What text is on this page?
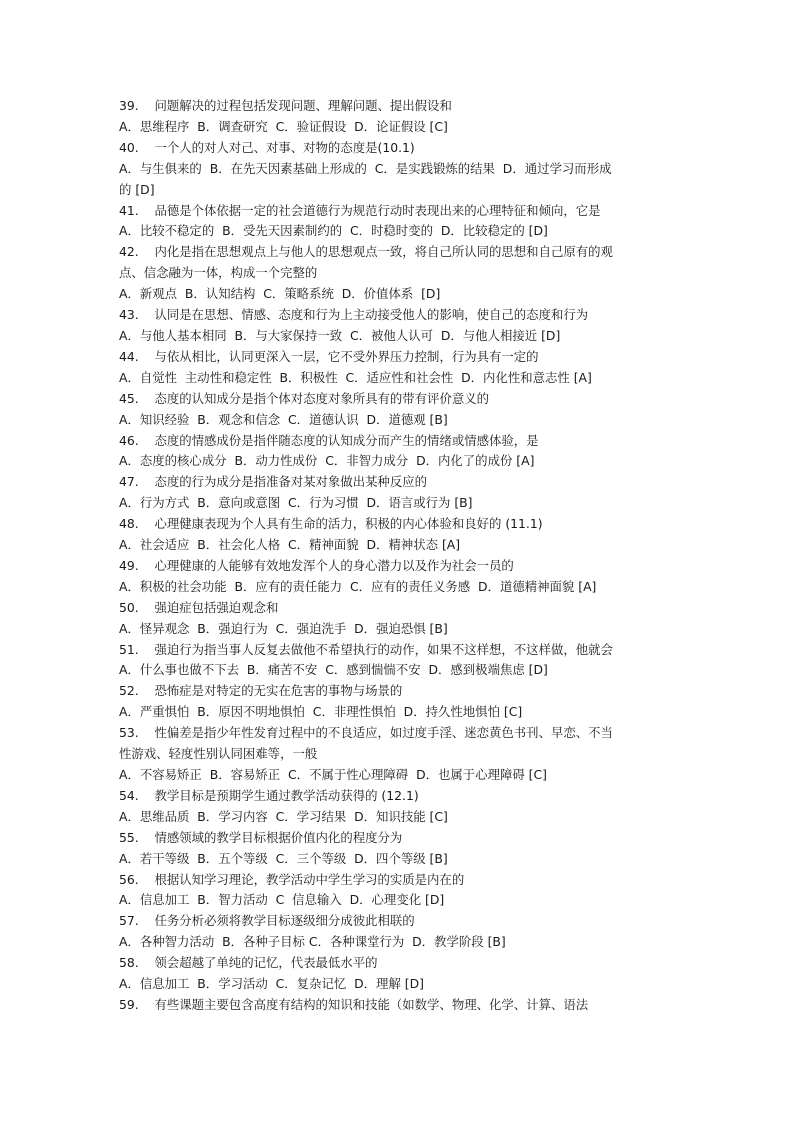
39.    问题解决的过程包括发现问题、理解问题、提出假设和
A．思维程序  B．调查研究  C．验证假设  D．论证假设 [C]
40.    一个人的对人对己、对事、对物的态度是(10.1)
A．与生俱来的  B．在先天因素基础上形成的  C．是实践锻炼的结果  D．通过学习而形成
的 [D]
41.    品德是个体依据一定的社会道德行为规范行动时表现出来的心理特征和倾向，它是
A．比较不稳定的  B．受先天因素制约的  C．时稳时变的  D．比较稳定的 [D]
42.    内化是指在思想观点上与他人的思想观点一致，将自己所认同的思想和自己原有的观
点、信念融为一体，构成一个完整的
A．新观点  B．认知结构  C．策略系统  D．价值体系  [D]
43.    认同是在思想、情感、态度和行为上主动接受他人的影响，使自己的态度和行为
A．与他人基本相同  B．与大家保持一致  C．被他人认可  D．与他人相接近 [D]
44.    与依从相比，认同更深入一层，它不受外界压力控制，行为具有一定的
A．自觉性  主动性和稳定性  B．积极性  C．适应性和社会性  D．内化性和意志性 [A]
45.    态度的认知成分是指个体对态度对象所具有的带有评价意义的
A．知识经验  B．观念和信念  C．道德认识  D．道德观 [B]
46.    态度的情感成份是指伴随态度的认知成分而产生的情绪或情感体验，是
A．态度的核心成分  B．动力性成份  C．非智力成分  D．内化了的成份 [A]
47.    态度的行为成分是指准备对某对象做出某种反应的
A．行为方式  B．意向或意图  C．行为习惯  D．语言或行为 [B]
48.    心理健康表现为个人具有生命的活力，积极的内心体验和良好的 (11.1)
A．社会适应  B．社会化人格  C．精神面貌  D．精神状态 [A]
49.    心理健康的人能够有效地发浑个人的身心潜力以及作为社会一员的
A．积极的社会功能  B．应有的责任能力  C．应有的责任义务感  D．道德精神面貌 [A]
50.    强迫症包括强迫观念和
A．怪异观念  B．强迫行为  C．强迫洗手  D．强迫恐惧 [B]
51.    强迫行为指当事人反复去做他不希望执行的动作，如果不这样想，不这样做，他就会
A．什么事也做不下去  B．痛苦不安  C．感到惴惴不安  D．感到极端焦虑 [D]
52.    恐怖症是对特定的无实在危害的事物与场景的
A．严重惧怕  B．原因不明地惧怕  C．非理性惧怕  D．持久性地惧怕 [C]
53.    性偏差是指少年性发育过程中的不良适应，如过度手淫、迷恋黄色书刊、早恋、不当
性游戏、轻度性别认同困难等，一般
A．不容易矫正  B．容易矫正  C．不属于性心理障碍  D．也属于心理障碍 [C]
54.    教学目标是预期学生通过教学活动获得的 (12.1)
A．思维品质  B．学习内容  C．学习结果  D．知识技能 [C]
55.    情感领域的教学目标根据价值内化的程度分为
A．若干等级  B．五个等级  C．三个等级  D．四个等级 [B]
56.    根据认知学习理论，教学活动中学生学习的实质是内在的
A．信息加工  B．智力活动  C  信息输入  D．心理变化 [D]
57.    任务分析必须将教学目标逐级细分成彼此相联的
A．各种智力活动  B．各种子目标 C．各种课堂行为  D．教学阶段 [B]
58.    领会超越了单纯的记忆，代表最低水平的
A．信息加工  B．学习活动  C．复杂记忆  D．理解 [D]
59.    有些课题主要包含高度有结构的知识和技能（如数学、物理、化学、计算、语法
